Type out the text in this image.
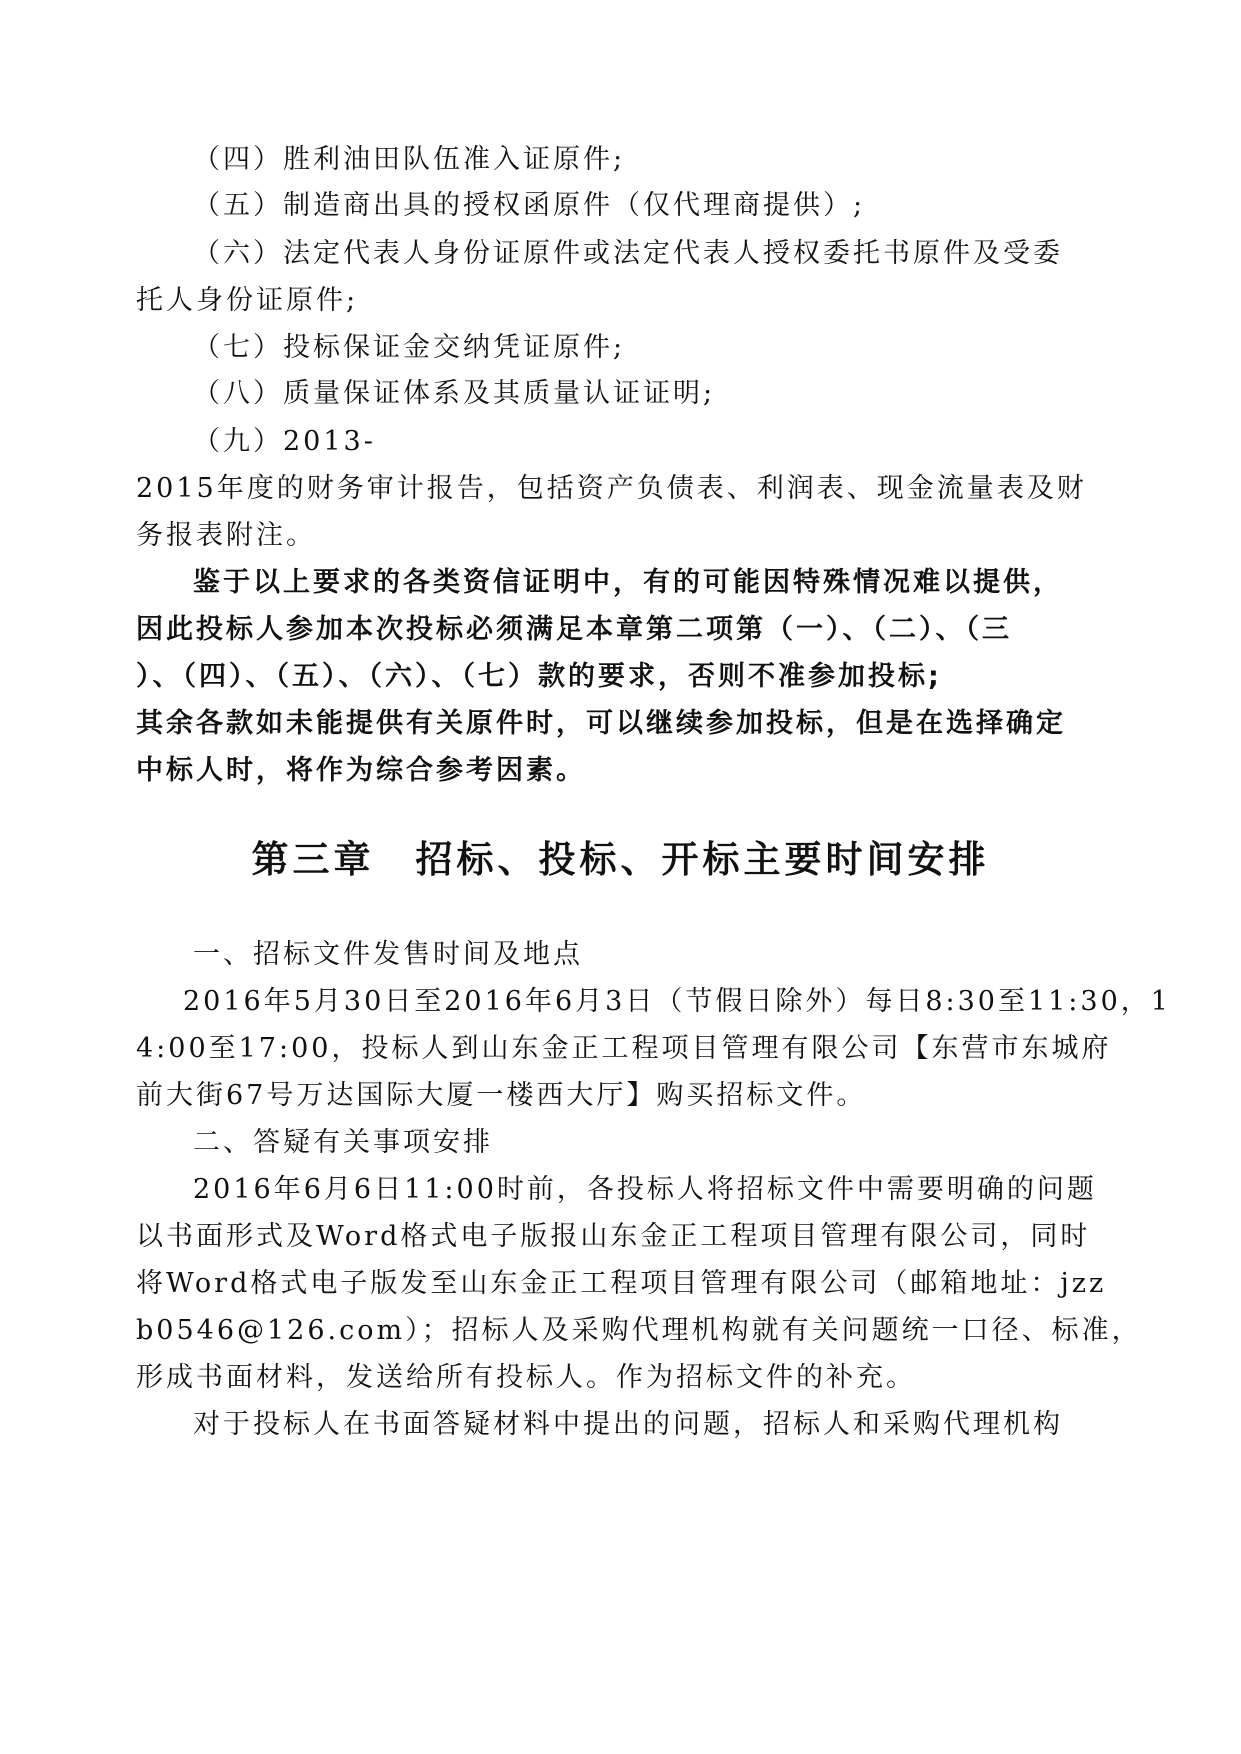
（四）胜利油田队伍准入证原件;
（五）制造商出具的授权函原件（仅代理商提供）;
（六）法定代表人身份证原件或法定代表人授权委托书原件及受委
托人身份证原件;
（七）投标保证金交纳凭证原件;
（八）质量保证体系及其质量认证证明;
（九）2013-
2015年度的财务审计报告，包括资产负债表、利润表、现金流量表及财
务报表附注。
鉴于以上要求的各类资信证明中，有的可能因特殊情况难以提供，
因此投标人参加本次投标必须满足本章第二项第（一）、（二）、（三
）、（四）、（五）、（六）、（七）款的要求，否则不准参加投标;
其余各款如未能提供有关原件时，可以继续参加投标，但是在选择确定
中标人时，将作为综合参考因素。
第三章　招标、投标、开标主要时间安排
一、招标文件发售时间及地点
2016年5月30日至2016年6月3日（节假日除外）每日8:30至11:30，1
4:00至17:00，投标人到山东金正工程项目管理有限公司【东营市东城府
前大街67号万达国际大厦一楼西大厅】购买招标文件。
二、答疑有关事项安排
2016年6月6日11:00时前，各投标人将招标文件中需要明确的问题
以书面形式及Word格式电子版报山东金正工程项目管理有限公司，同时
将Word格式电子版发至山东金正工程项目管理有限公司（邮箱地址：jzz
b0546@126.com）；招标人及采购代理机构就有关问题统一口径、标准，
形成书面材料，发送给所有投标人。作为招标文件的补充。
对于投标人在书面答疑材料中提出的问题，招标人和采购代理机构
